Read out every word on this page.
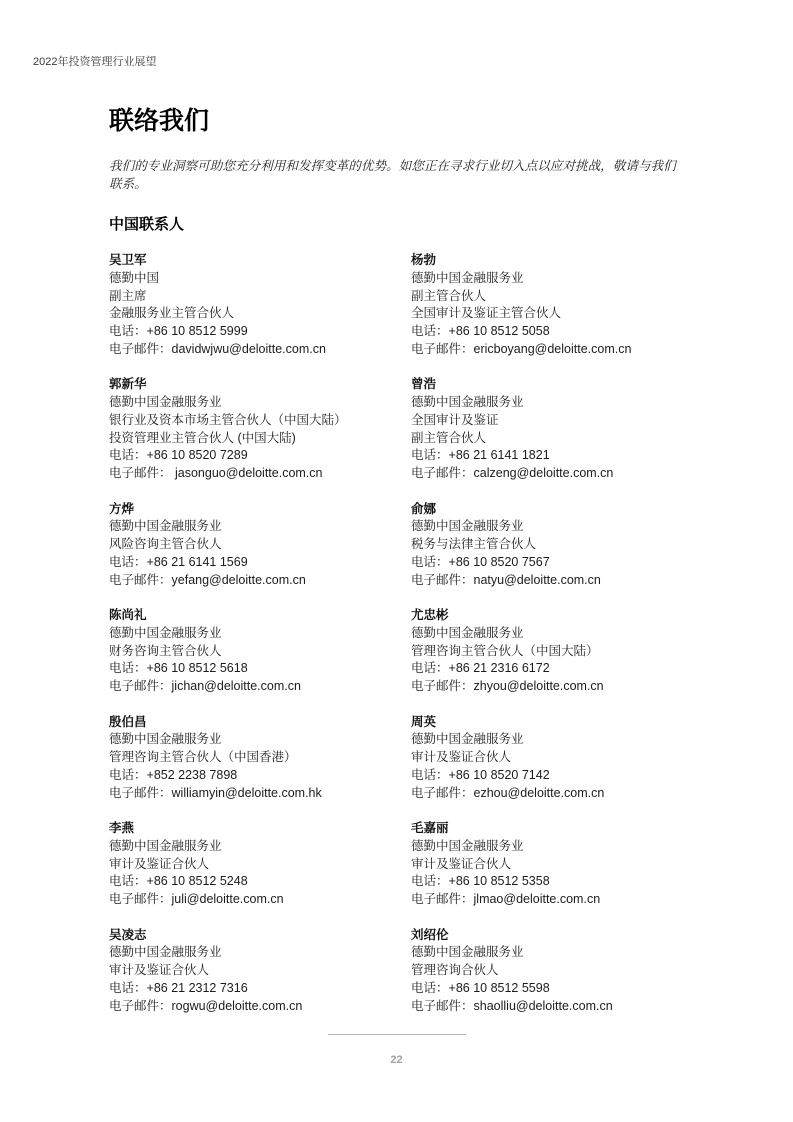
2022年投资管理行业展望
联络我们
我们的专业洞察可助您充分利用和发挥变革的优势。如您正在寻求行业切入点以应对挑战，敬请与我们联系。
中国联系人
吴卫军
德勤中国
副主席
金融服务业主管合伙人
电话：+86 10 8512 5999
电子邮件：davidwjwu@deloitte.com.cn
杨勃
德勤中国金融服务业
副主管合伙人
全国审计及鉴证主管合伙人
电话：+86 10 8512 5058
电子邮件：ericboyang@deloitte.com.cn
郭新华
德勤中国金融服务业
银行业及资本市场主管合伙人（中国大陆）
投资管理业主管合伙人 (中国大陆)
电话：+86 10 8520 7289
电子邮件： jasonguo@deloitte.com.cn
曾浩
德勤中国金融服务业
全国审计及鉴证
副主管合伙人
电话：+86 21 6141 1821
电子邮件：calzeng@deloitte.com.cn
方烨
德勤中国金融服务业
风险咨询主管合伙人
电话：+86 21 6141 1569
电子邮件：yefang@deloitte.com.cn
俞娜
德勤中国金融服务业
税务与法律主管合伙人
电话：+86 10 8520 7567
电子邮件：natyu@deloitte.com.cn
陈尚礼
德勤中国金融服务业
财务咨询主管合伙人
电话：+86 10 8512 5618
电子邮件：jichan@deloitte.com.cn
尤忠彬
德勤中国金融服务业
管理咨询主管合伙人（中国大陆）
电话：+86 21 2316 6172
电子邮件：zhyou@deloitte.com.cn
殷伯昌
德勤中国金融服务业
管理咨询主管合伙人（中国香港）
电话：+852 2238 7898
电子邮件：williamyin@deloitte.com.hk
周英
德勤中国金融服务业
审计及鉴证合伙人
电话：+86 10 8520 7142
电子邮件：ezhou@deloitte.com.cn
李燕
德勤中国金融服务业
审计及鉴证合伙人
电话：+86 10 8512 5248
电子邮件：juli@deloitte.com.cn
毛嘉丽
德勤中国金融服务业
审计及鉴证合伙人
电话：+86 10 8512 5358
电子邮件：jlmao@deloitte.com.cn
吴凌志
德勤中国金融服务业
审计及鉴证合伙人
电话：+86 21 2312 7316
电子邮件：rogwu@deloitte.com.cn
刘绍伦
德勤中国金融服务业
管理咨询合伙人
电话：+86 10 8512 5598
电子邮件：shaolliu@deloitte.com.cn
22
